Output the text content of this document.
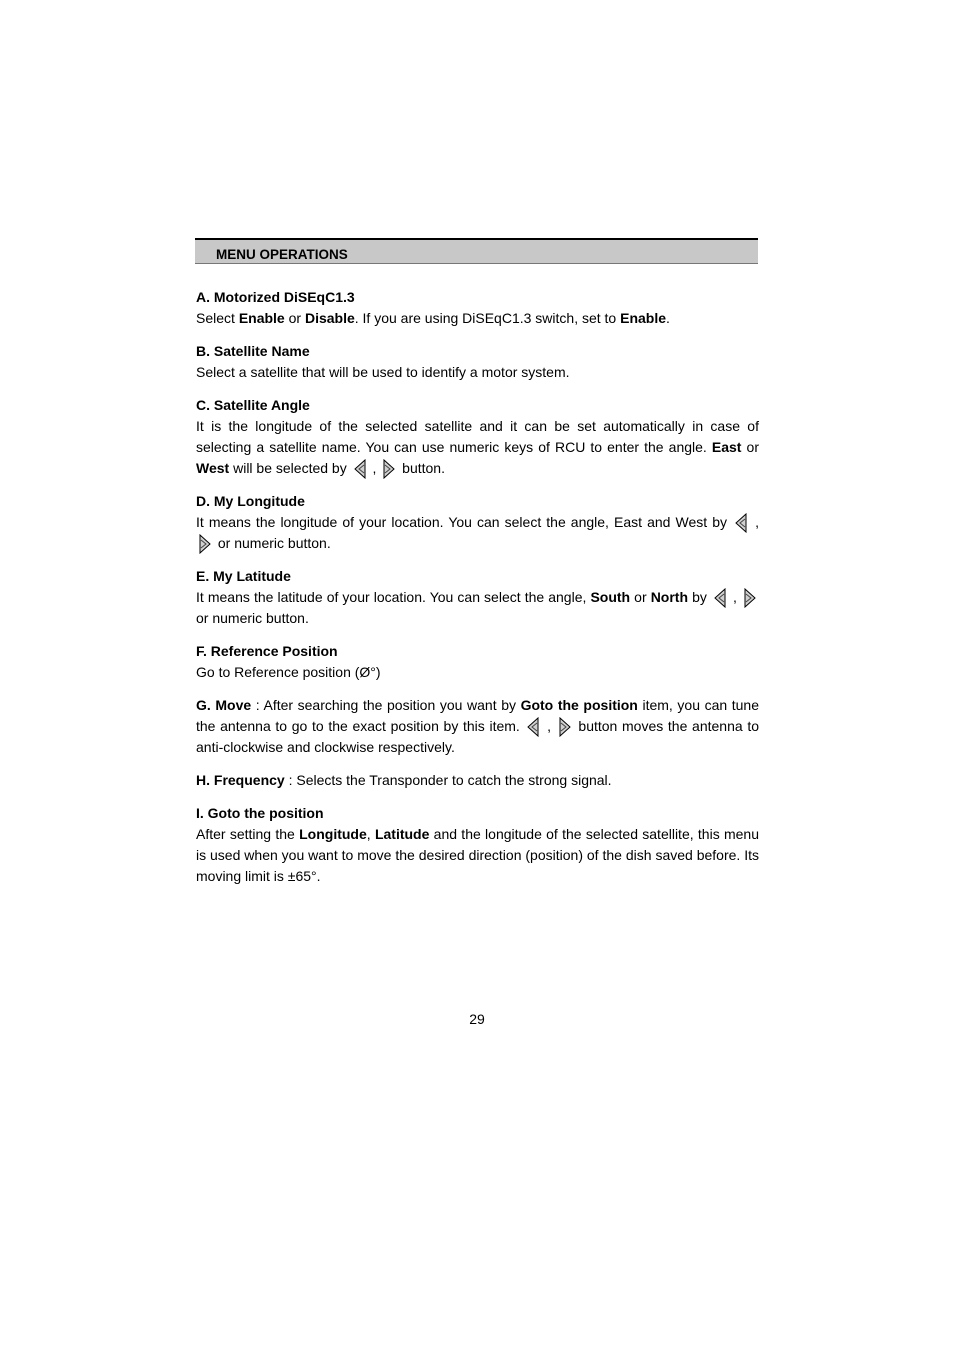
MENU OPERATIONS
A. Motorized DiSEqC1.3

Select Enable or Disable. If you are using DiSEqC1.3 switch, set to Enable.

B. Satellite Name

Select a satellite that will be used to identify a motor system.

C. Satellite Angle

It is the longitude of the selected satellite and it can be set automatically in case of selecting a satellite name. You can use numeric keys of RCU to enter the angle. East or West will be selected by  ,  button.

D. My Longitude

It means the longitude of your location. You can select the angle, East and West by  ,  or numeric button.

E. My Latitude

It means the latitude of your location. You can select the angle, South or North by  ,  or numeric button.

F. Reference Position

Go to Reference position (Ø°)

G. Move : After searching the position you want by Goto the position item, you can tune the antenna to go to the exact position by this item.  ,  button moves the antenna to anti-clockwise and clockwise respectively.

H. Frequency : Selects the Transponder to catch the strong signal.

I. Goto the position

After setting the Longitude, Latitude and the longitude of the selected satellite, this menu is used when you want to move the desired direction (position) of the dish saved before. Its moving limit is ±65°.

29
